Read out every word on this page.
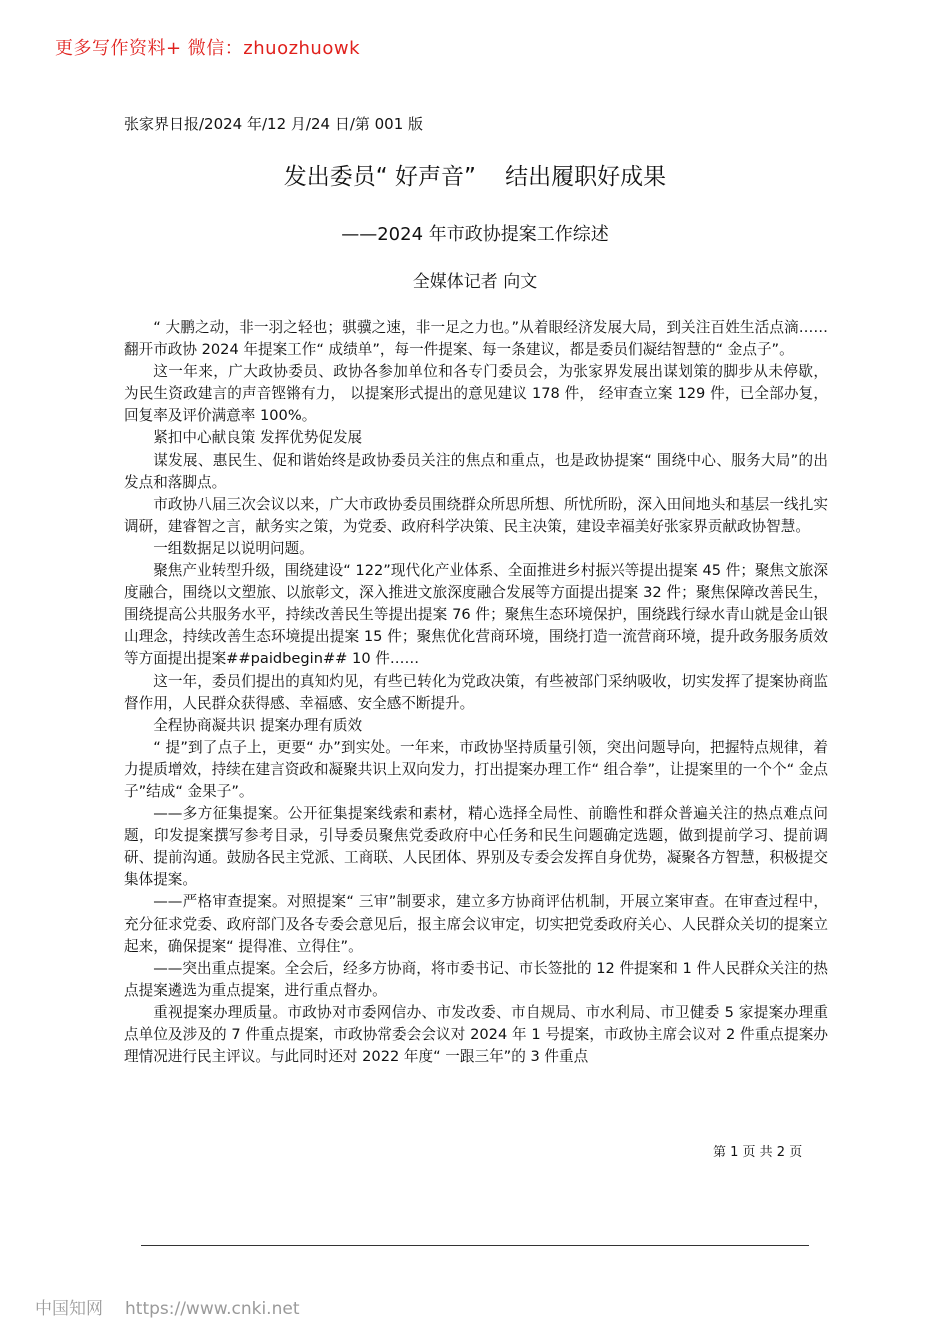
更多写作资料+ 微信：zhuozhuowk
张家界日报/2024 年/12 月/24 日/第 001 版
发出委员“ 好声音”    结出履职好成果
——2024 年市政协提案工作综述
全媒体记者 向文

“ 大鹏之动，非一羽之轻也；骐骥之速，非一足之力也。”从着眼经济发展大局，到关注百姓生活点滴……翻开市政协 2024 年提案工作“ 成绩单”，每一件提案、每一条建议，都是委员们凝结智慧的“ 金点子”。

这一年来，广大政协委员、政协各参加单位和各专门委员会，为张家界发展出谋划策的脚步从未停歇， 为民生资政建言的声音铿锵有力， 以提案形式提出的意见建议 178 件， 经审查立案 129 件，已全部办复，回复率及评价满意率 100%。

紧扣中心献良策 发挥优势促发展

谋发展、惠民生、促和谐始终是政协委员关注的焦点和重点，也是政协提案“ 围绕中心、服务大局”的出发点和落脚点。

市政协八届三次会议以来，广大市政协委员围绕群众所思所想、所忧所盼，深入田间地头和基层一线扎实调研，建睿智之言，献务实之策，为党委、政府科学决策、民主决策，建设幸福美好张家界贡献政协智慧。

一组数据足以说明问题。

聚焦产业转型升级，围绕建设“ 122”现代化产业体系、全面推进乡村振兴等提出提案 45 件；聚焦文旅深度融合，围绕以文塑旅、以旅彰文，深入推进文旅深度融合发展等方面提出提案 32 件；聚焦保障改善民生，围绕提高公共服务水平，持续改善民生等提出提案 76 件；聚焦生态环境保护，围绕践行绿水青山就是金山银山理念，持续改善生态环境提出提案 15 件；聚焦优化营商环境，围绕打造一流营商环境，提升政务服务质效等方面提出提案##paidbegin## 10 件……

这一年，委员们提出的真知灼见，有些已转化为党政决策，有些被部门采纳吸收，切实发挥了提案协商监督作用，人民群众获得感、幸福感、安全感不断提升。

全程协商凝共识 提案办理有质效

“ 提”到了点子上，更要“ 办”到实处。一年来，市政协坚持质量引领，突出问题导向，把握特点规律，着力提质增效，持续在建言资政和凝聚共识上双向发力，打出提案办理工作“ 组合拳”，让提案里的一个个“ 金点子”结成“ 金果子”。

——多方征集提案。公开征集提案线索和素材，精心选择全局性、前瞻性和群众普遍关注的热点难点问题，印发提案撰写参考目录，引导委员聚焦党委政府中心任务和民生问题确定选题，做到提前学习、提前调研、提前沟通。鼓励各民主党派、工商联、人民团体、界别及专委会发挥自身优势，凝聚各方智慧，积极提交集体提案。

——严格审查提案。对照提案“ 三审”制要求，建立多方协商评估机制，开展立案审查。在审查过程中，充分征求党委、政府部门及各专委会意见后，报主席会议审定，切实把党委政府关心、人民群众关切的提案立起来，确保提案“ 提得准、立得住”。

——突出重点提案。全会后，经多方协商，将市委书记、市长签批的 12 件提案和 1 件人民群众关注的热点提案遴选为重点提案，进行重点督办。

重视提案办理质量。市政协对市委网信办、市发改委、市自规局、市水利局、市卫健委 5 家提案办理重点单位及涉及的 7 件重点提案，市政协常委会会议对 2024 年 1 号提案，市政协主席会议对 2 件重点提案办理情况进行民主评议。与此同时还对 2022 年度“ 一跟三年”的 3 件重点

第 1 页 共 2 页
中国知网 https://www.cnki.net
